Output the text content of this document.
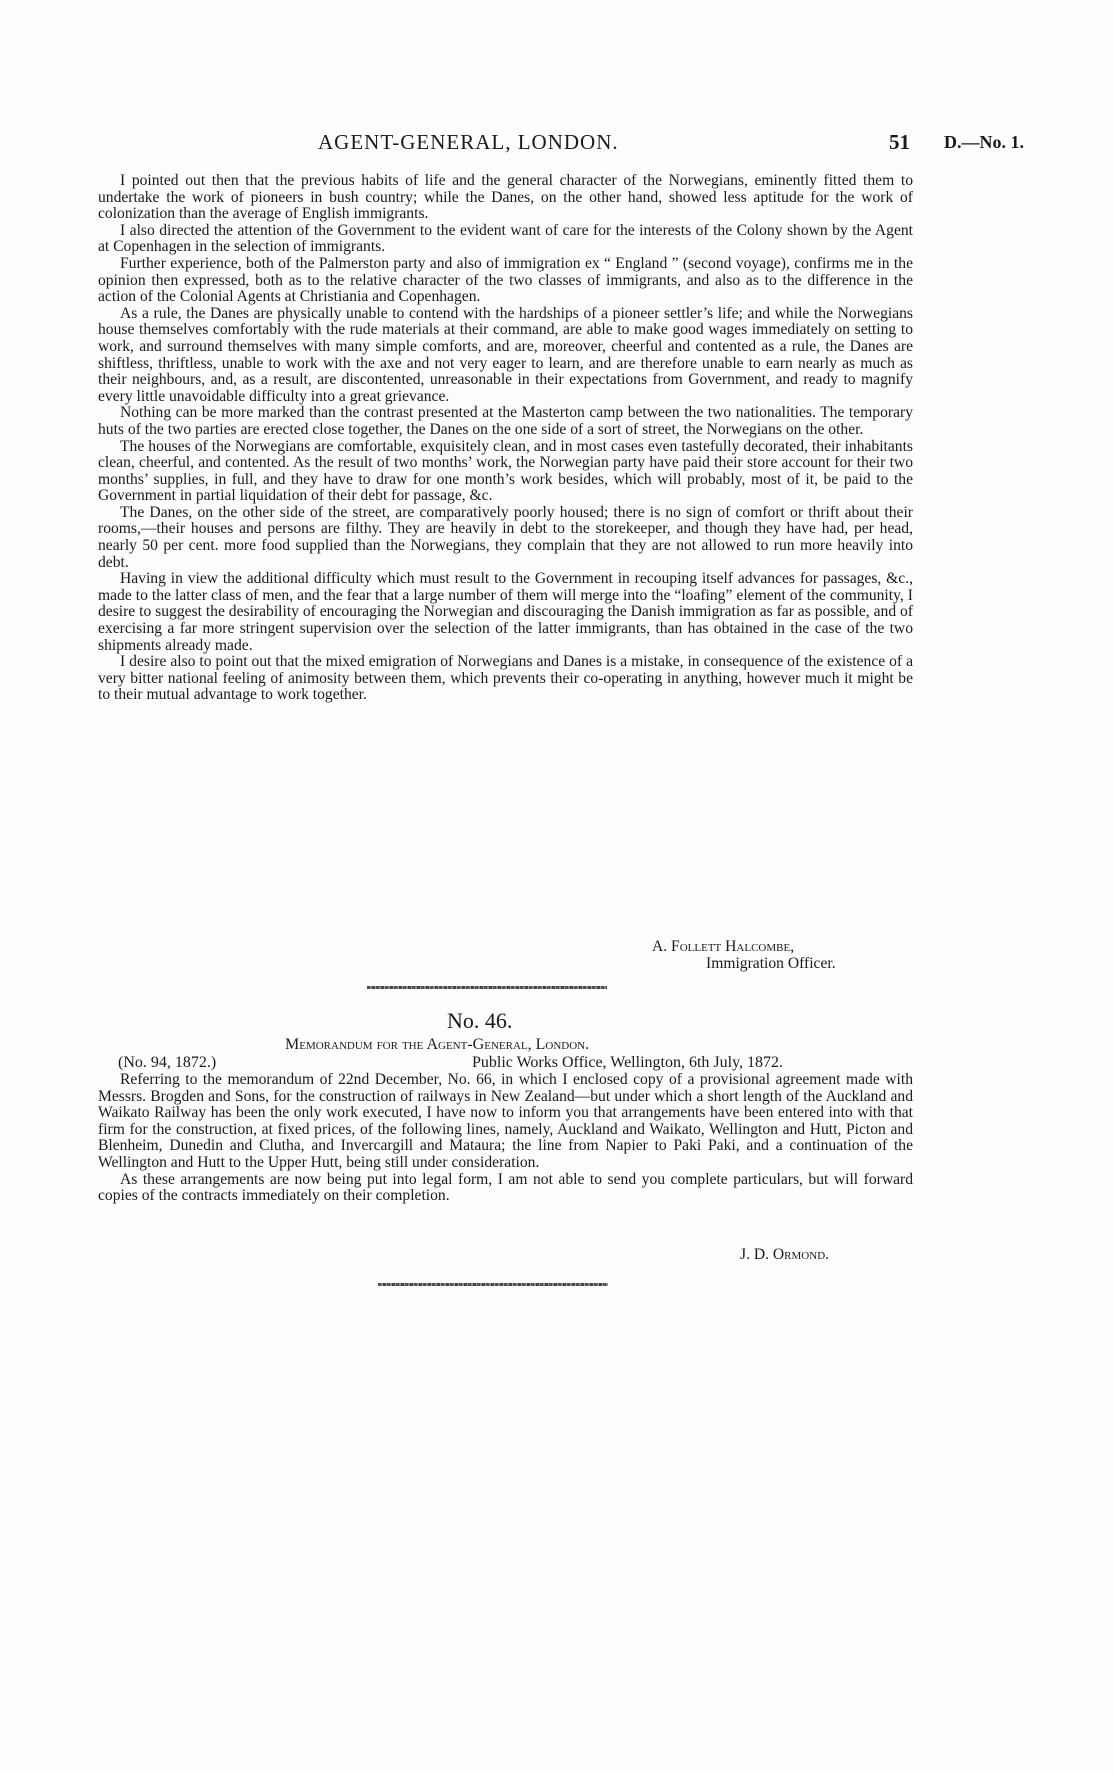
AGENT-GENERAL, LONDON.	51 D.—No. 1.

I pointed out then that the previous habits of life and the general character of the Norwegians, eminently fitted them to undertake the work of pioneers in bush country; while the Danes, on the other hand, showed less aptitude for the work of colonization than the average of English immigrants.

I also directed the attention of the Government to the evident want of care for the interests of the Colony shown by the Agent at Copenhagen in the selection of immigrants.

Further experience, both of the Palmerston party and also of immigration ex “ England ” (second voyage), confirms me in the opinion then expressed, both as to the relative character of the two classes of immigrants, and also as to the difference in the action of the Colonial Agents at Christiania and Copenhagen.

As a rule, the Danes are physically unable to contend with the hardships of a pioneer settler’s life; and while the Norwegians house themselves comfortably with the rude materials at their command, are able to make good wages immediately on setting to work, and surround themselves with many simple comforts, and are, moreover, cheerful and contented as a rule, the Danes are shiftless, thriftless, unable to work with the axe and not very eager to learn, and are therefore unable to earn nearly as much as their neighbours, and, as a result, are discontented, unreasonable in their expectations from Government, and ready to magnify every little unavoidable difficulty into a great grievance.

Nothing can be more marked than the contrast presented at the Masterton camp between the two nationalities. The temporary huts of the two parties are erected close together, the Danes on the one side of a sort of street, the Norwegians on the other.

The houses of the Norwegians are comfortable, exquisitely clean, and in most cases even tastefully decorated, their inhabitants clean, cheerful, and contented. As the result of two months’ work, the Norwegian party have paid their store account for their two months’ supplies, in full, and they have to draw for one month’s work besides, which will probably, most of it, be paid to the Government in partial liquidation of their debt for passage, &c.

The Danes, on the other side of the street, are comparatively poorly housed; there is no sign of comfort or thrift about their rooms,—their houses and persons are filthy. They are heavily in debt to the storekeeper, and though they have had, per head, nearly 50 per cent. more food supplied than the Norwegians, they complain that they are not allowed to run more heavily into debt.

Having in view the additional difficulty which must result to the Government in recouping itself advances for passages, &c., made to the latter class of men, and the fear that a large number of them will merge into the “loafing” element of the community, I desire to suggest the desirability of encouraging the Norwegian and discouraging the Danish immigration as far as possible, and of exercising a far more stringent supervision over the selection of the latter immigrants, than has obtained in the case of the two shipments already made.

I desire also to point out that the mixed emigration of Norwegians and Danes is a mistake, in consequence of the existence of a very bitter national feeling of animosity between them, which prevents their co-operating in anything, however much it might be to their mutual advantage to work together.

A. Follett Halcombe,
Immigration Officer.
No. 46.
Memorandum for the Agent-General, London.
(No. 94, 1872.)	Public Works Office, Wellington, 6th July, 1872.

Referring to the memorandum of 22nd December, No. 66, in which I enclosed copy of a provisional agreement made with Messrs. Brogden and Sons, for the construction of railways in New Zealand—but under which a short length of the Auckland and Waikato Railway has been the only work executed, I have now to inform you that arrangements have been entered into with that firm for the construction, at fixed prices, of the following lines, namely, Auckland and Waikato, Wellington and Hutt, Picton and Blenheim, Dunedin and Clutha, and Invercargill and Mataura; the line from Napier to Paki Paki, and a continuation of the Wellington and Hutt to the Upper Hutt, being still under consideration.

As these arrangements are now being put into legal form, I am not able to send you complete particulars, but will forward copies of the contracts immediately on their completion.

J. D. Ormond.
